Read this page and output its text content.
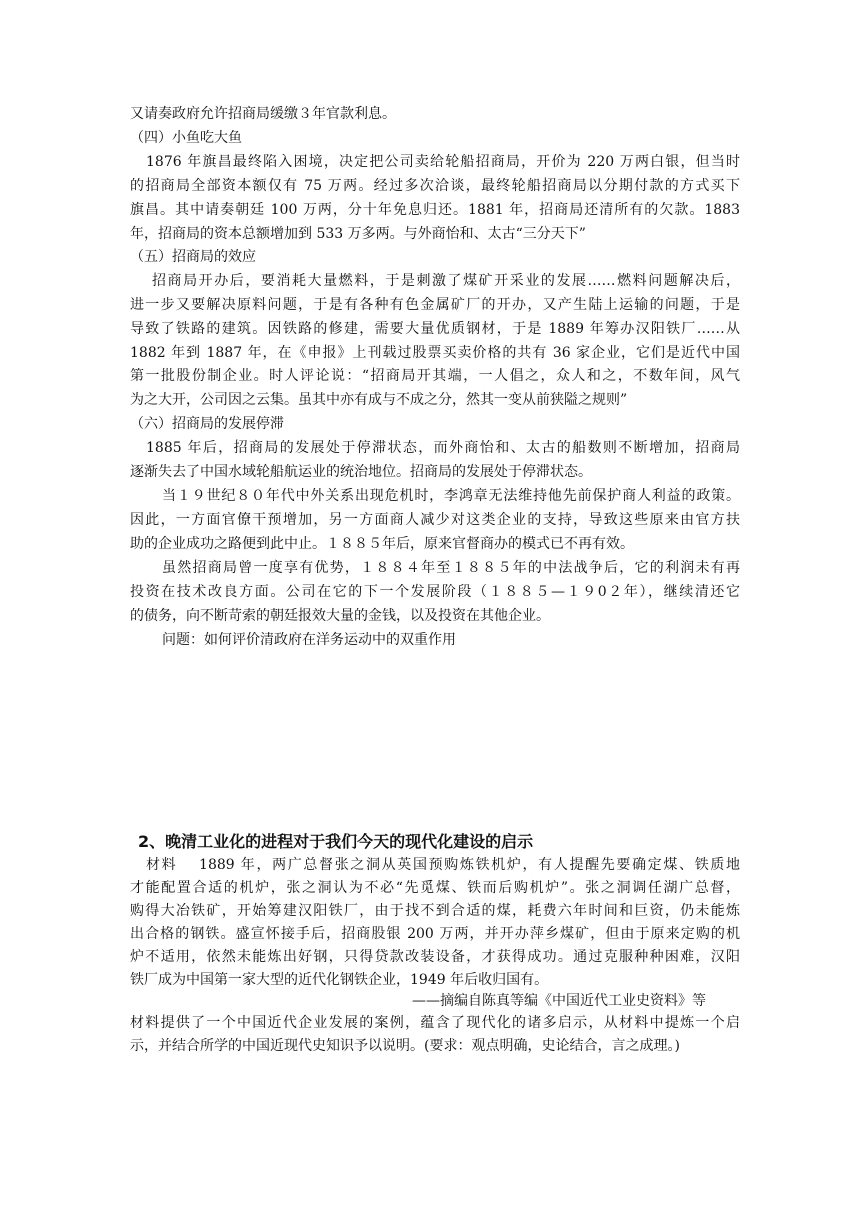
又请奏政府允许招商局缓缴３年官款利息。
（四）小鱼吃大鱼
1876 年旗昌最终陷入困境，决定把公司卖给轮船招商局，开价为 220 万两白银，但当时
的招商局全部资本额仅有 75 万两。经过多次洽谈，最终轮船招商局以分期付款的方式买下
旗昌。其中请奏朝廷 100 万两，分十年免息归还。1881 年，招商局还清所有的欠款。1883
年，招商局的资本总额增加到 533 万多两。与外商怡和、太古“三分天下”
（五）招商局的效应
招商局开办后，要消耗大量燃料，于是刺激了煤矿开采业的发展……燃料问题解决后，
进一步又要解决原料问题，于是有各种有色金属矿厂的开办，又产生陆上运输的问题，于是
导致了铁路的建筑。因铁路的修建，需要大量优质钢材，于是 1889 年筹办汉阳铁厂……从
1882 年到 1887 年，在《申报》上刊载过股票买卖价格的共有 36 家企业，它们是近代中国
第一批股份制企业。时人评论说：“招商局开其端，一人倡之，众人和之，不数年间，风气
为之大开，公司因之云集。虽其中亦有成与不成之分，然其一变从前狭隘之规则”
（六）招商局的发展停滞
1885 年后，招商局的发展处于停滞状态，而外商怡和、太古的船数则不断增加，招商局
逐渐失去了中国水域轮船航运业的统治地位。招商局的发展处于停滞状态。
当１９世纪８０年代中外关系出现危机时，李鸿章无法维持他先前保护商人利益的政策。
因此，一方面官僚干预增加，另一方面商人减少对这类企业的支持，导致这些原来由官方扶
助的企业成功之路便到此中止。１８８５年后，原来官督商办的模式已不再有效。
虽然招商局曾一度享有优势，１８８４年至１８８５年的中法战争后，它的利润未有再
投资在技术改良方面。公司在它的下一个发展阶段（１８８５—１９0２年），继续清还它
的债务，向不断苛索的朝廷报效大量的金钱，以及投资在其他企业。
问题：如何评价清政府在洋务运动中的双重作用
2、晚清工业化的进程对于我们今天的现代化建设的启示
材料　 1889 年，两广总督张之洞从英国预购炼铁机炉，有人提醒先要确定煤、铁质地
才能配置合适的机炉，张之洞认为不必“先觅煤、铁而后购机炉”。张之洞调任湖广总督，
购得大冶铁矿，开始筹建汉阳铁厂，由于找不到合适的煤，耗费六年时间和巨资，仍未能炼
出合格的钢铁。盛宣怀接手后，招商股银 200 万两，并开办萍乡煤矿，但由于原来定购的机
炉不适用，依然未能炼出好钢，只得贷款改装设备，才获得成功。通过克服种种困难，汉阳
铁厂成为中国第一家大型的近代化钢铁企业，1949 年后收归国有。
——摘编自陈真等编《中国近代工业史资料》等
材料提供了一个中国近代企业发展的案例，蕴含了现代化的诸多启示，从材料中提炼一个启
示，并结合所学的中国近现代史知识予以说明。(要求：观点明确，史论结合，言之成理。)
